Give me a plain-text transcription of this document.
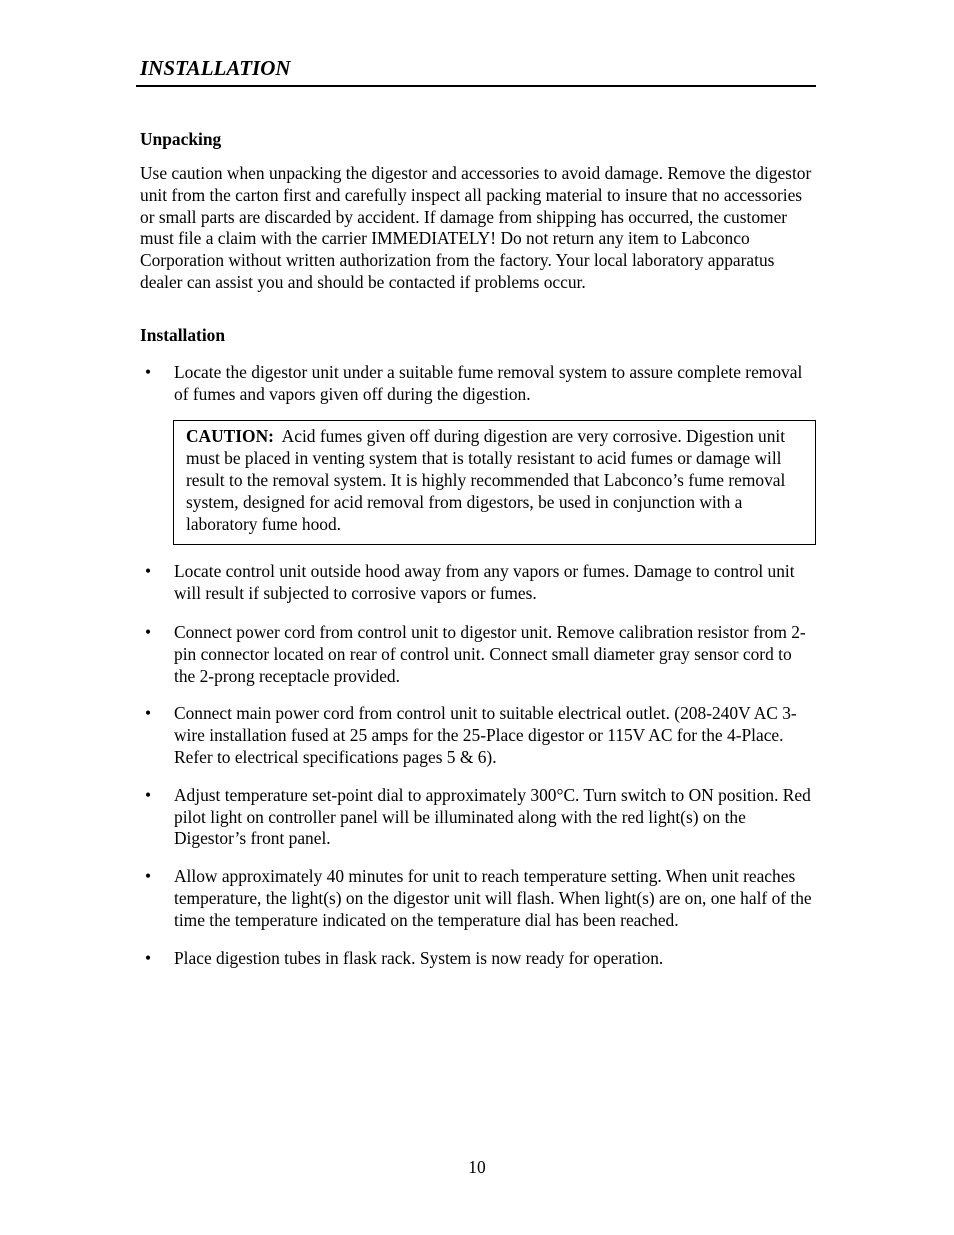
INSTALLATION

Unpacking

Use caution when unpacking the digestor and accessories to avoid damage. Remove the digestor unit from the carton first and carefully inspect all packing material to insure that no accessories or small parts are discarded by accident. If damage from shipping has occurred, the customer must file a claim with the carrier IMMEDIATELY! Do not return any item to Labconco Corporation without written authorization from the factory. Your local laboratory apparatus dealer can assist you and should be contacted if problems occur.

Installation

• Locate the digestor unit under a suitable fume removal system to assure complete removal of fumes and vapors given off during the digestion.
CAUTION: Acid fumes given off during digestion are very corrosive. Digestion unit must be placed in venting system that is totally resistant to acid fumes or damage will result to the removal system. It is highly recommended that Labconco’s fume removal system, designed for acid removal from digestors, be used in conjunction with a laboratory fume hood.
• Locate control unit outside hood away from any vapors or fumes. Damage to control unit will result if subjected to corrosive vapors or fumes.
• Connect power cord from control unit to digestor unit. Remove calibration resistor from 2-pin connector located on rear of control unit. Connect small diameter gray sensor cord to the 2-prong receptacle provided.
• Connect main power cord from control unit to suitable electrical outlet. (208-240V AC 3-wire installation fused at 25 amps for the 25-Place digestor or 115V AC for the 4-Place. Refer to electrical specifications pages 5 & 6).
• Adjust temperature set-point dial to approximately 300°C. Turn switch to ON position. Red pilot light on controller panel will be illuminated along with the red light(s) on the Digestor’s front panel.
• Allow approximately 40 minutes for unit to reach temperature setting. When unit reaches temperature, the light(s) on the digestor unit will flash. When light(s) are on, one half of the time the temperature indicated on the temperature dial has been reached.
• Place digestion tubes in flask rack. System is now ready for operation.
10
